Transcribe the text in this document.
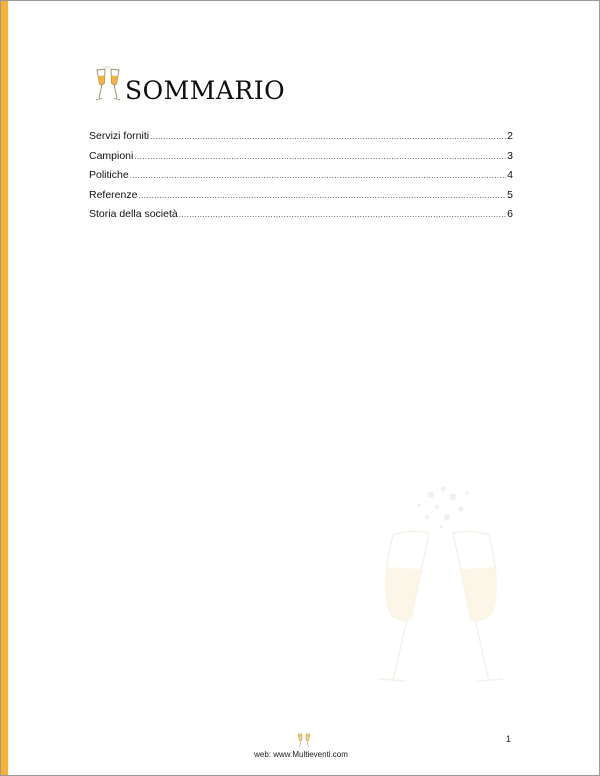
SOMMARIO
Servizi forniti .....	2
Campioni .....	3
Politiche .....	4
Referenze .....	5
Storia della società .....	6
web: www.Multieventi.com
1
